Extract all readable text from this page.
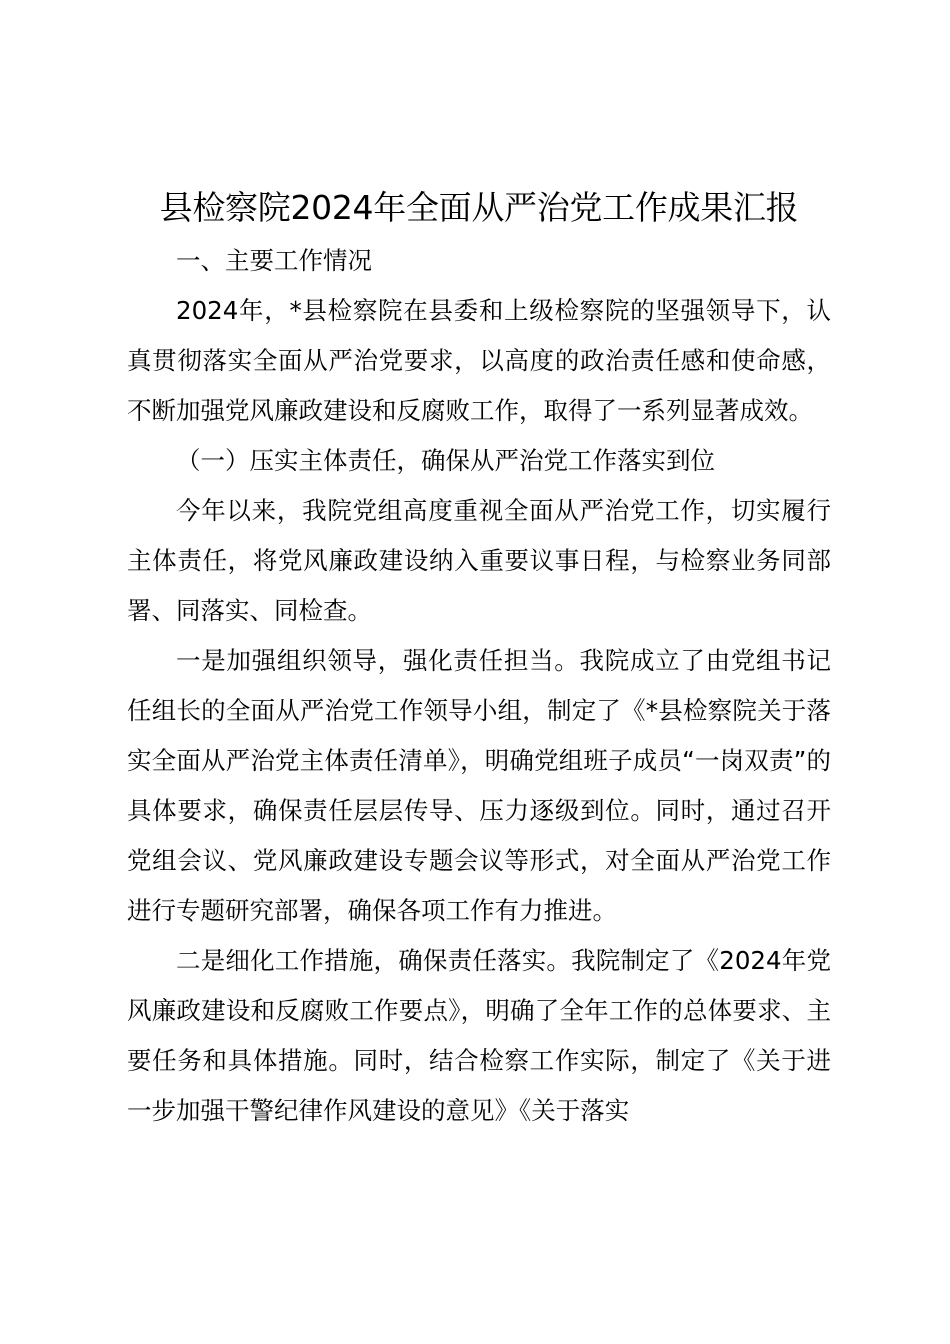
县检察院2024年全面从严治党工作成果汇报

一、主要工作情况

2024年，*县检察院在县委和上级检察院的坚强领导下，认真贯彻落实全面从严治党要求，以高度的政治责任感和使命感，不断加强党风廉政建设和反腐败工作，取得了一系列显著成效。

（一）压实主体责任，确保从严治党工作落实到位

今年以来，我院党组高度重视全面从严治党工作，切实履行主体责任，将党风廉政建设纳入重要议事日程，与检察业务同部署、同落实、同检查。

一是加强组织领导，强化责任担当。我院成立了由党组书记任组长的全面从严治党工作领导小组，制定了《*县检察院关于落实全面从严治党主体责任清单》，明确党组班子成员“一岗双责”的具体要求，确保责任层层传导、压力逐级到位。同时，通过召开党组会议、党风廉政建设专题会议等形式，对全面从严治党工作进行专题研究部署，确保各项工作有力推进。

二是细化工作措施，确保责任落实。我院制定了《2024年党风廉政建设和反腐败工作要点》，明确了全年工作的总体要求、主要任务和具体措施。同时，结合检察工作实际，制定了《关于进一步加强干警纪律作风建设的意见》《关于落实
